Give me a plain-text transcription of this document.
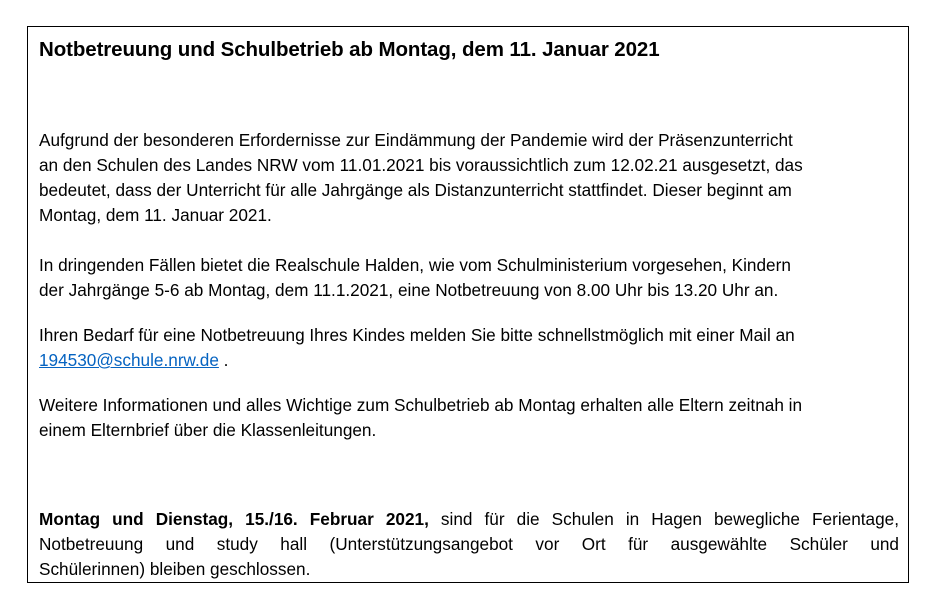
Notbetreuung und Schulbetrieb ab Montag, dem 11. Januar 2021

Aufgrund der besonderen Erfordernisse zur Eindämmung der Pandemie wird der Präsenzunterricht
an den Schulen des Landes NRW vom 11.01.2021 bis voraussichtlich zum 12.02.21 ausgesetzt, das
bedeutet, dass der Unterricht für alle Jahrgänge als Distanzunterricht stattfindet. Dieser beginnt am
Montag, dem 11. Januar 2021.

In dringenden Fällen bietet die Realschule Halden, wie vom Schulministerium vorgesehen, Kindern
der Jahrgänge 5-6 ab Montag, dem 11.1.2021, eine Notbetreuung von 8.00 Uhr bis 13.20 Uhr an.

Ihren Bedarf für eine Notbetreuung Ihres Kindes melden Sie bitte schnellstmöglich mit einer Mail an
194530@schule.nrw.de .

Weitere Informationen und alles Wichtige zum Schulbetrieb ab Montag erhalten alle Eltern zeitnah in
einem Elternbrief über die Klassenleitungen.

Montag und Dienstag, 15./16. Februar 2021, sind für die Schulen in Hagen bewegliche Ferientage,
Notbetreuung und study hall (Unterstützungsangebot vor Ort für ausgewählte Schüler und
Schülerinnen) bleiben geschlossen.
